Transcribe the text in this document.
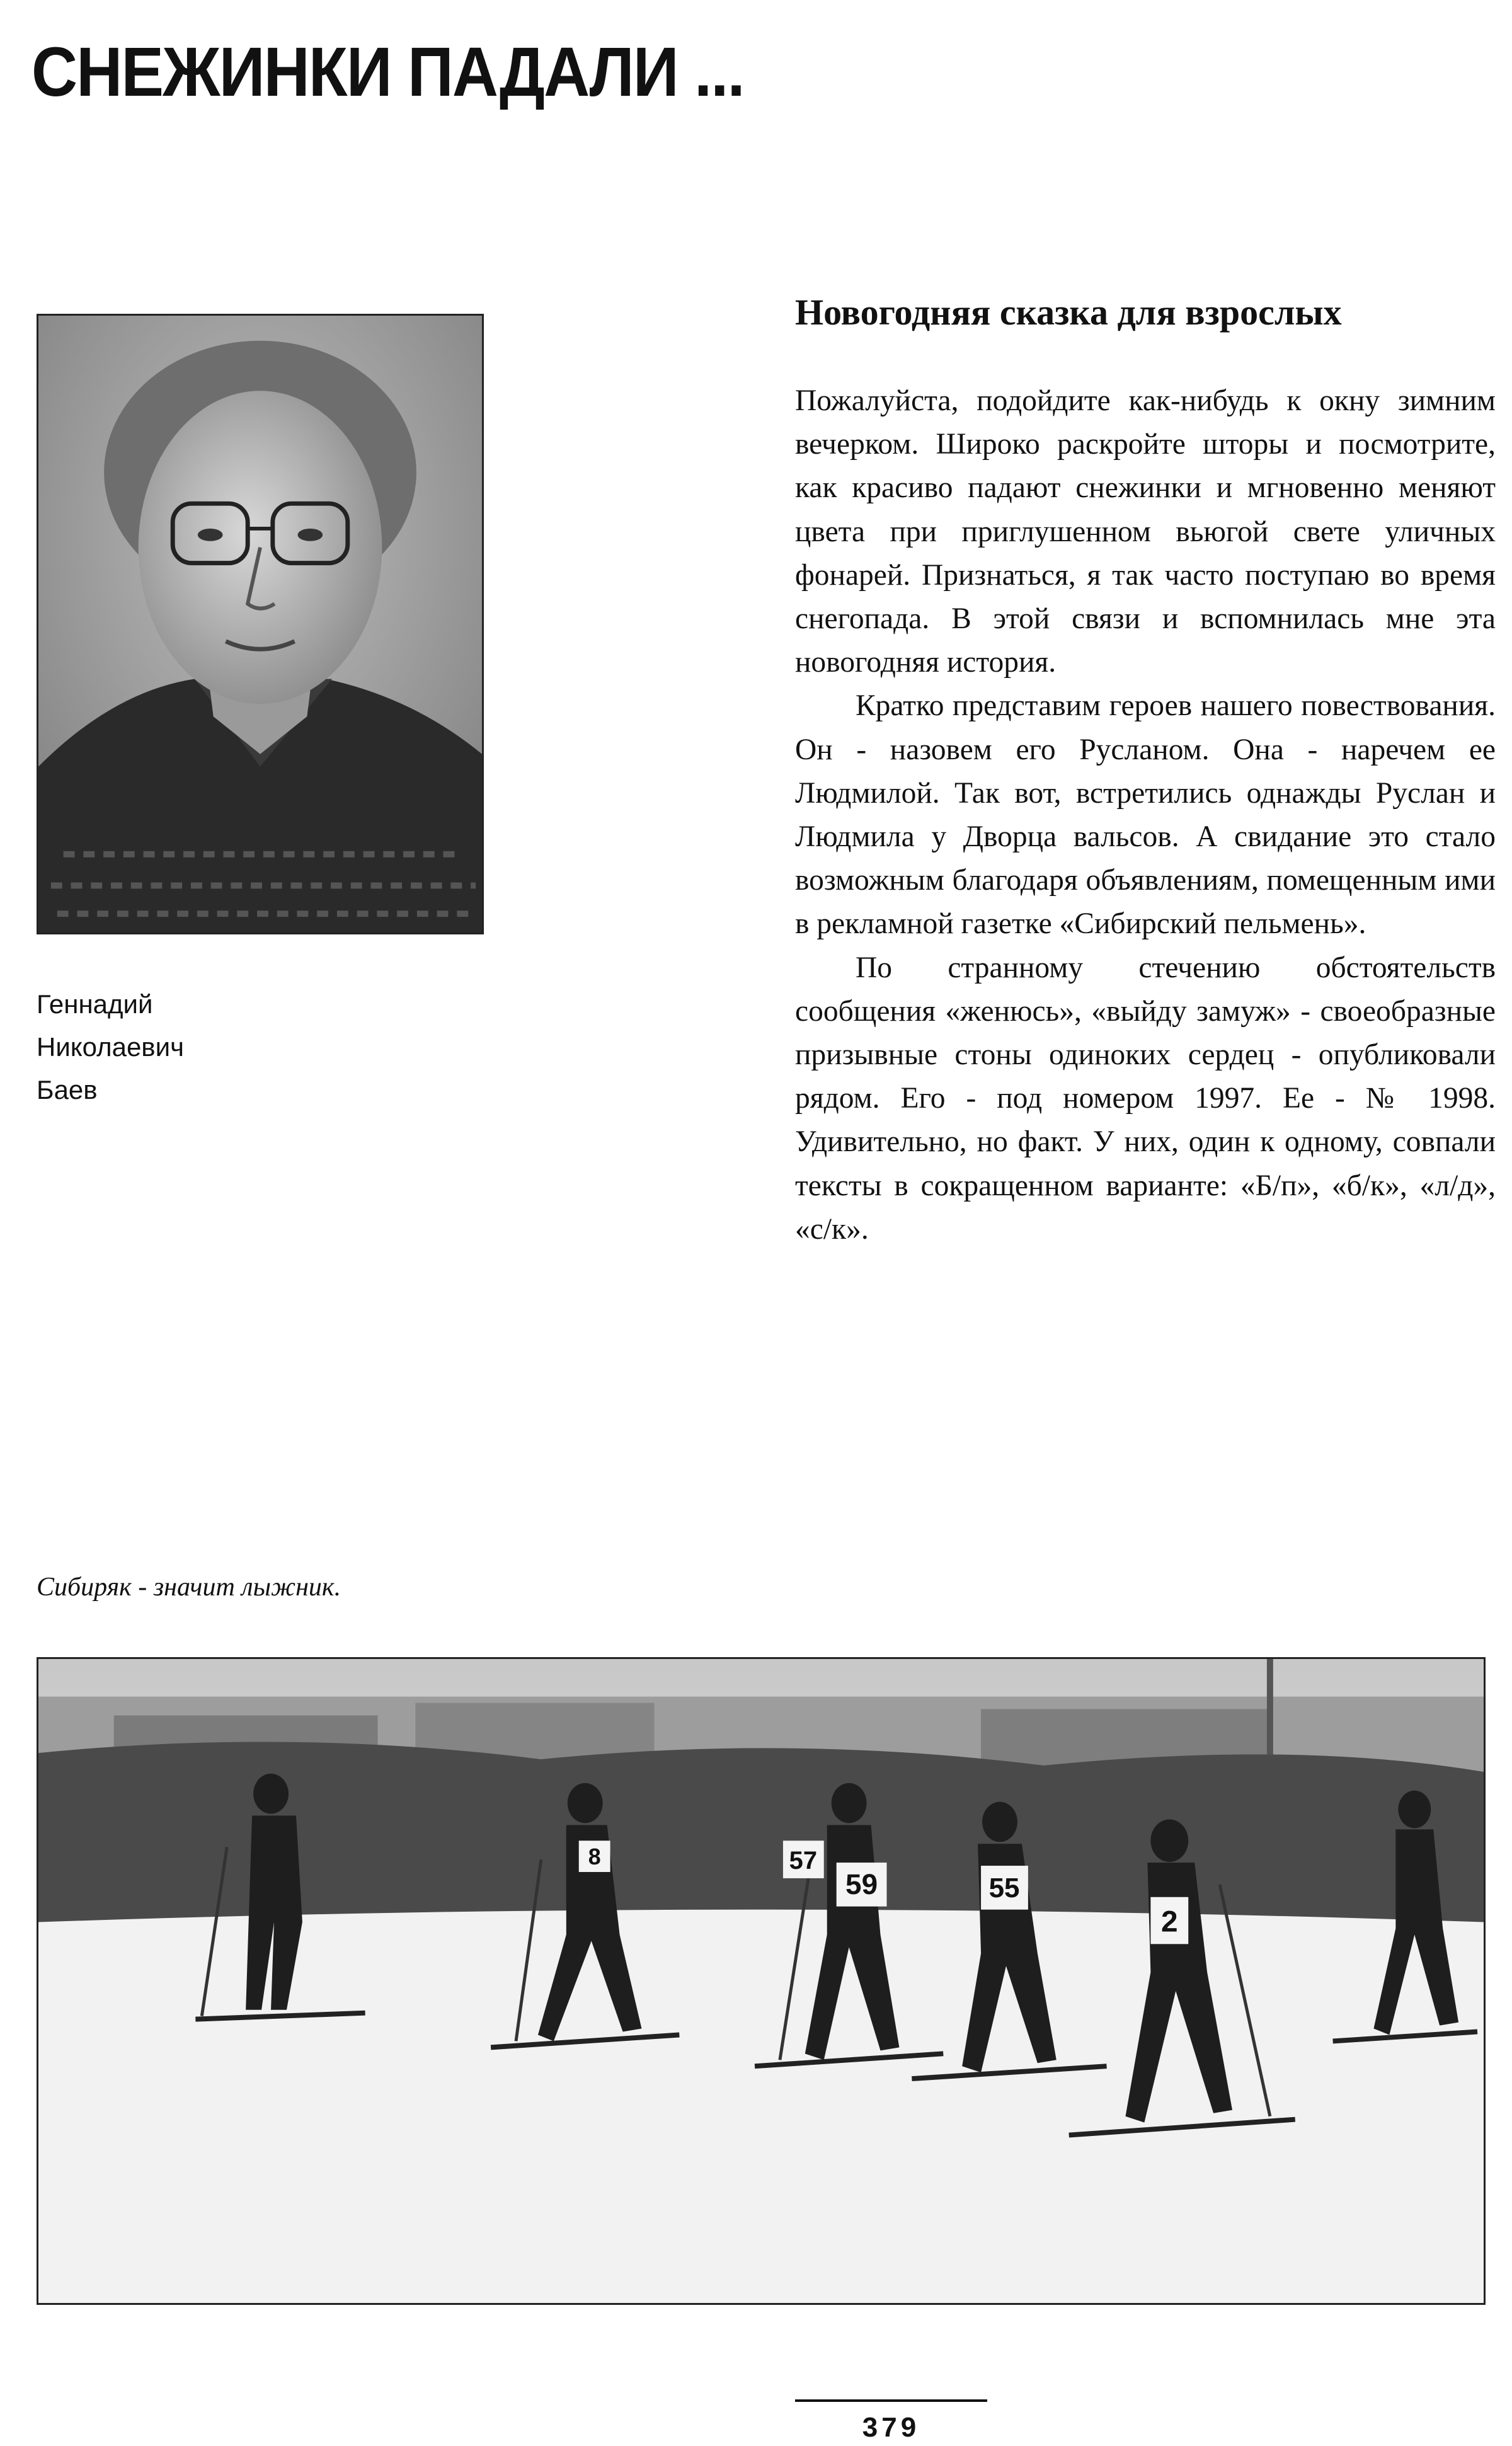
СНЕЖИНКИ ПАДАЛИ ...
Геннадий
Николаевич
Баев
Новогодняя сказка для взрослых

Пожалуйста, подойдите как-нибудь к окну зимним вечерком. Широко раскройте шторы и посмотрите, как красиво падают снежинки и мгновенно меняют цвета при приглушенном вьюгой свете уличных фонарей. Признаться, я так часто поступаю во время снегопада. В этой связи и вспомнилась мне эта новогодняя история.

Кратко представим героев нашего повествования. Он - назовем его Русланом. Она - наречем ее Людмилой. Так вот, встретились однажды Руслан и Людмила у Дворца вальсов. А свидание это стало возможным благодаря объявлениям, помещенным ими в рекламной газетке «Сибирский пельмень».

По странному стечению обстоятельств сообщения «женюсь», «выйду замуж» - своеобразные призывные стоны одиноких сердец - опубликовали рядом. Его - под номером 1997. Ее - № 1998. Удивительно, но факт. У них, один к одному, совпали тексты в сокращенном варианте: «Б/п», «б/к», «л/д», «с/к».

Сибиряк - значит лыжник.

8	57
59	55
2

379
